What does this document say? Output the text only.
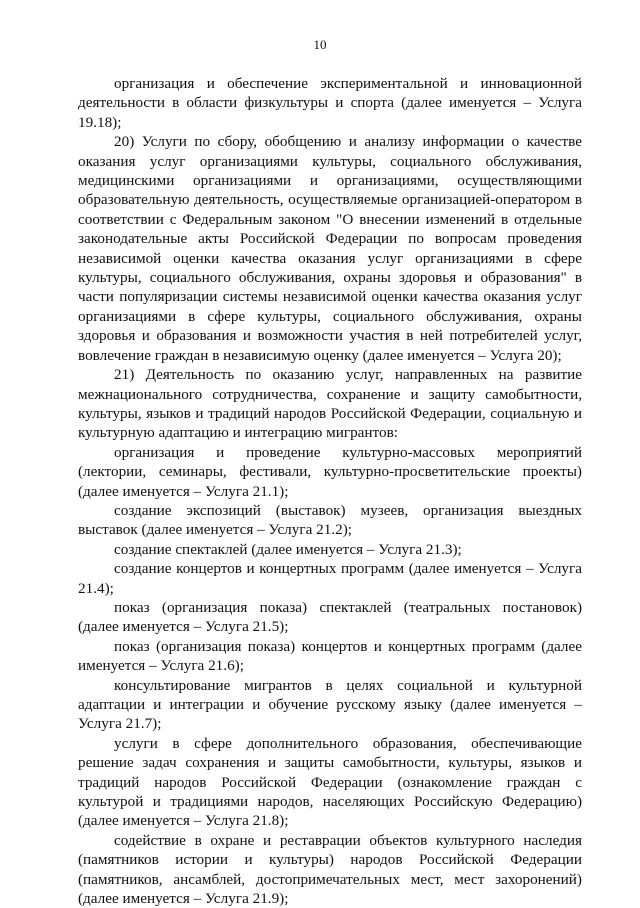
10

организация и обеспечение экспериментальной и инновационной деятельности в области физкультуры и спорта (далее именуется – Услуга 19.18);

20) Услуги по сбору, обобщению и анализу информации о качестве оказания услуг организациями культуры, социального обслуживания, медицинскими организациями и организациями, осуществляющими образовательную деятельность, осуществляемые организацией-оператором в соответствии с Федеральным законом "О внесении изменений в отдельные законодательные акты Российской Федерации по вопросам проведения независимой оценки качества оказания услуг организациями в сфере культуры, социального обслуживания, охраны здоровья и образования" в части популяризации системы независимой оценки качества оказания услуг организациями в сфере культуры, социального обслуживания, охраны здоровья и образования и возможности участия в ней потребителей услуг, вовлечение граждан в независимую оценку (далее именуется – Услуга 20);

21) Деятельность по оказанию услуг, направленных на развитие межнационального сотрудничества, сохранение и защиту самобытности, культуры, языков и традиций народов Российской Федерации, социальную и культурную адаптацию и интеграцию мигрантов:

организация и проведение культурно-массовых мероприятий (лектории, семинары, фестивали, культурно-просветительские проекты) (далее именуется – Услуга 21.1);

создание экспозиций (выставок) музеев, организация выездных выставок (далее именуется – Услуга 21.2);

создание спектаклей (далее именуется – Услуга 21.3);

создание концертов и концертных программ (далее именуется – Услуга 21.4);

показ (организация показа) спектаклей (театральных постановок) (далее именуется – Услуга 21.5);

показ (организация показа) концертов и концертных программ (далее именуется – Услуга 21.6);

консультирование мигрантов в целях социальной и культурной адаптации и интеграции и обучение русскому языку (далее именуется – Услуга 21.7);

услуги в сфере дополнительного образования, обеспечивающие решение задач сохранения и защиты самобытности, культуры, языков и традиций народов Российской Федерации (ознакомление граждан с культурой и традициями народов, населяющих Российскую Федерацию) (далее именуется – Услуга 21.8);

содействие в охране и реставрации объектов культурного наследия (памятников истории и культуры) народов Российской Федерации (памятников, ансамблей, достопримечательных мест, мест захоронений) (далее именуется – Услуга 21.9);
